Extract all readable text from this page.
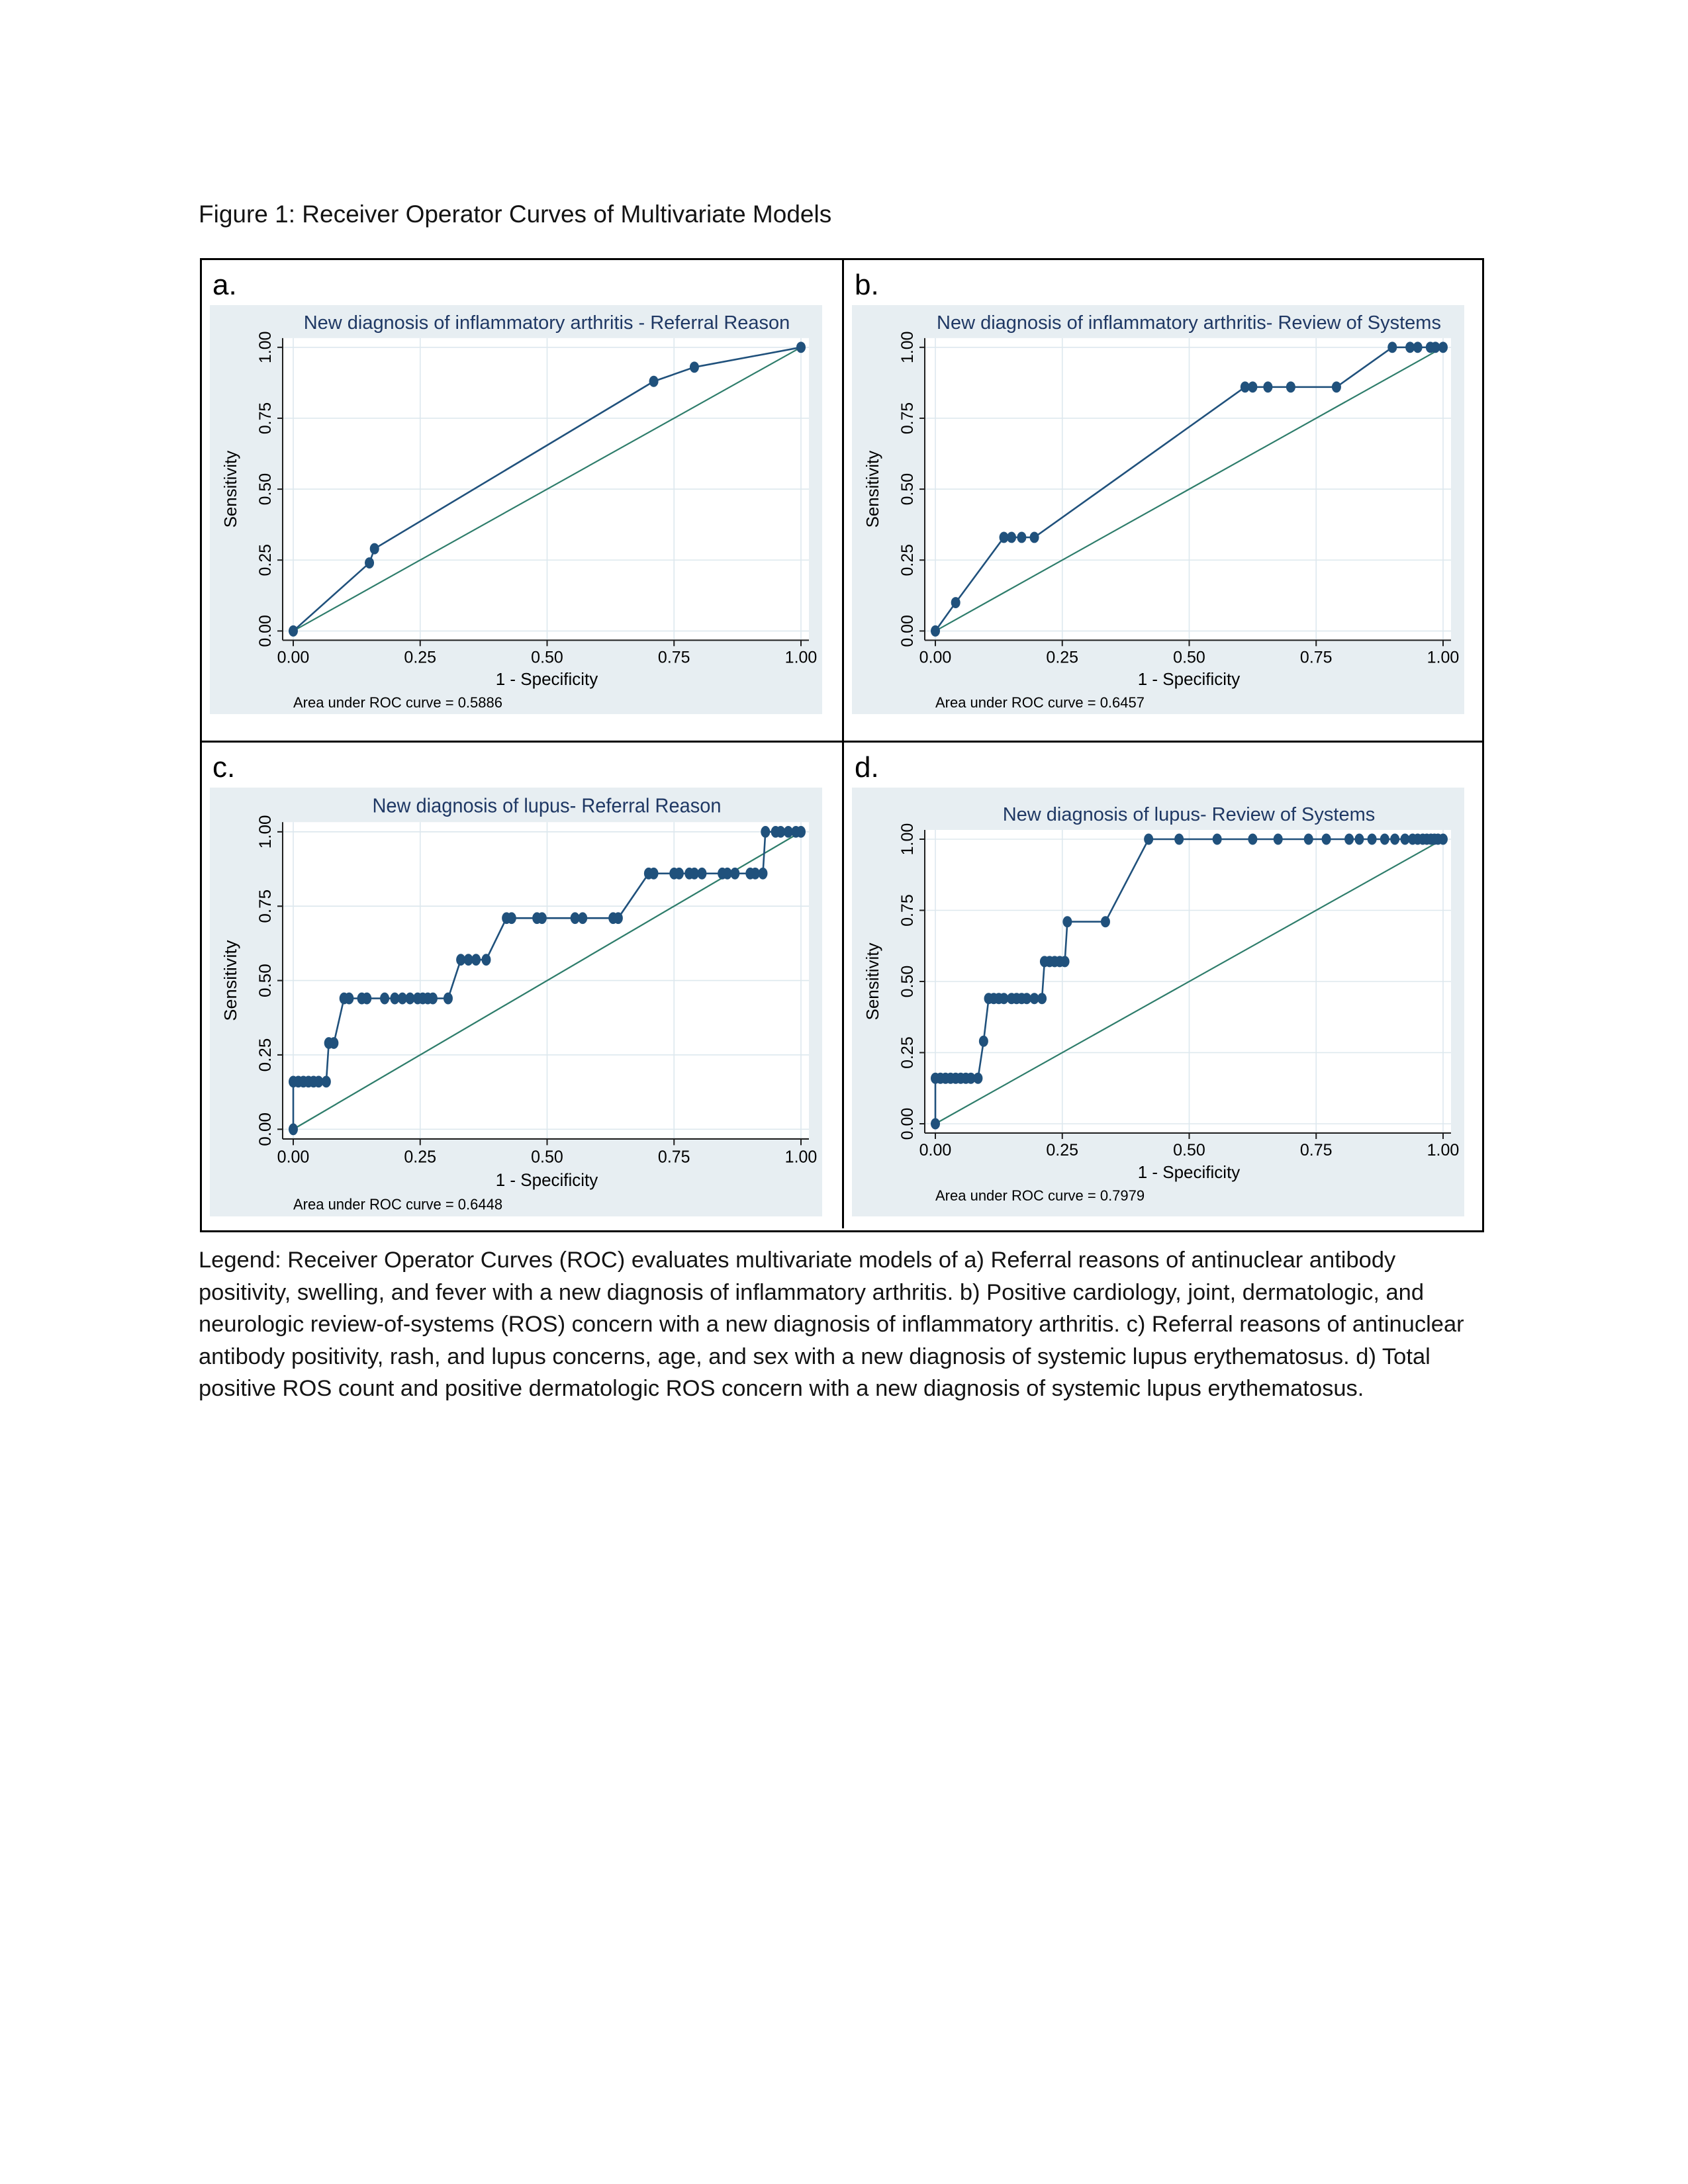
Figure 1: Receiver Operator Curves of Multivariate Models
a.
0.00
0.00
0.25
0.25
0.50
0.50
0.75
0.75
1.00
1.00
New diagnosis of inflammatory arthritis - Referral Reason
1 - Specificity
Sensitivity
Area under ROC curve = 0.5886
b.
0.00
0.00
0.25
0.25
0.50
0.50
0.75
0.75
1.00
1.00
New diagnosis of inflammatory arthritis- Review of Systems
1 - Specificity
Sensitivity
Area under ROC curve = 0.6457
c.
0.00
0.00
0.25
0.25
0.50
0.50
0.75
0.75
1.00
1.00
New diagnosis of lupus- Referral Reason
1 - Specificity
Sensitivity
Area under ROC curve = 0.6448
d.
0.00
0.00
0.25
0.25
0.50
0.50
0.75
0.75
1.00
1.00
New diagnosis of lupus- Review of Systems
1 - Specificity
Sensitivity
Area under ROC curve = 0.7979
Legend: Receiver Operator Curves (ROC) evaluates multivariate models of a) Referral reasons of antinuclear antibody positivity, swelling, and fever with a new diagnosis of inflammatory arthritis. b) Positive cardiology, joint, dermatologic, and neurologic review-of-systems (ROS) concern with a new diagnosis of inflammatory arthritis. c) Referral reasons of antinuclear antibody positivity, rash, and lupus concerns, age, and sex with a new diagnosis of systemic lupus erythematosus. d) Total positive ROS count and positive dermatologic ROS concern with a new diagnosis of systemic lupus erythematosus.
